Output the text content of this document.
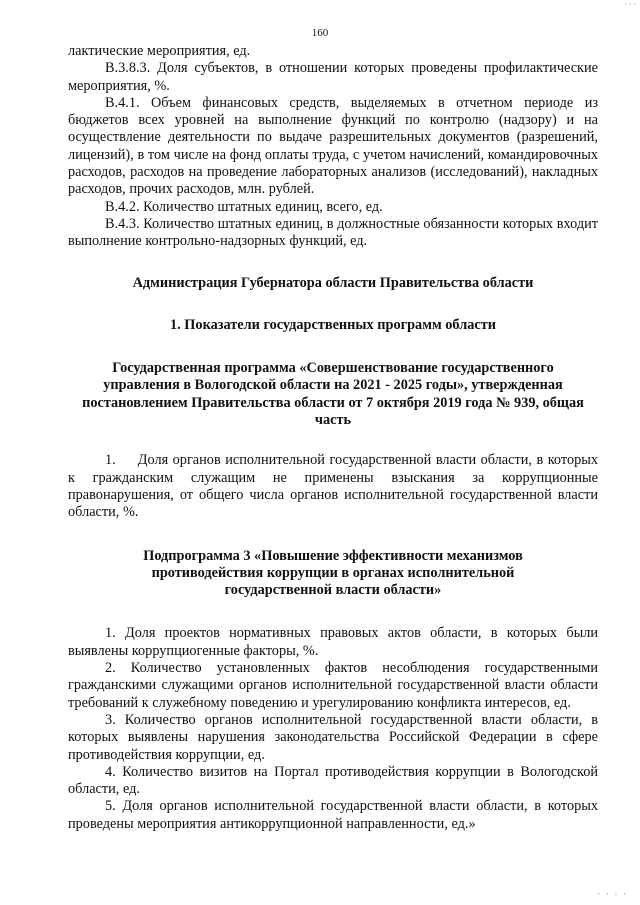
· · ·
160

лактические мероприятия, ед.

В.3.8.3. Доля субъектов, в отношении которых проведены профилактические мероприятия, %.

В.4.1. Объем финансовых средств, выделяемых в отчетном периоде из бюджетов всех уровней на выполнение функций по контролю (надзору) и на осуществление деятельности по выдаче разрешительных документов (разрешений, лицензий), в том числе на фонд оплаты труда, с учетом начислений, командировочных расходов, расходов на проведение лабораторных анализов (исследований), накладных расходов, прочих расходов, млн. рублей.

В.4.2. Количество штатных единиц, всего, ед.

В.4.3. Количество штатных единиц, в должностные обязанности которых входит выполнение контрольно-надзорных функций, ед.

Администрация Губернатора области Правительства области

1. Показатели государственных программ области

Государственная программа «Совершенствование государственного управления в Вологодской области на 2021 - 2025 годы», утвержденная постановлением Правительства области от 7 октября 2019 года № 939, общая часть

1. Доля органов исполнительной государственной власти области, в которых к гражданским служащим не применены взыскания за коррупционные правонарушения, от общего числа органов исполнительной государственной власти области, %.

Подпрограмма 3 «Повышение эффективности механизмов противодействия коррупции в органах исполнительной государственной власти области»

1. Доля проектов нормативных правовых актов области, в которых были выявлены коррупциогенные факторы, %.

2. Количество установленных фактов несоблюдения государственными гражданскими служащими органов исполнительной государственной власти области требований к служебному поведению и урегулированию конфликта интересов, ед.

3. Количество органов исполнительной государственной власти области, в которых выявлены нарушения законодательства Российской Федерации в сфере противодействия коррупции, ед.

4. Количество визитов на Портал противодействия коррупции в Вологодской области, ед.

5. Доля органов исполнительной государственной власти области, в которых проведены мероприятия антикоррупционной направленности, ед.»

· · · ·
